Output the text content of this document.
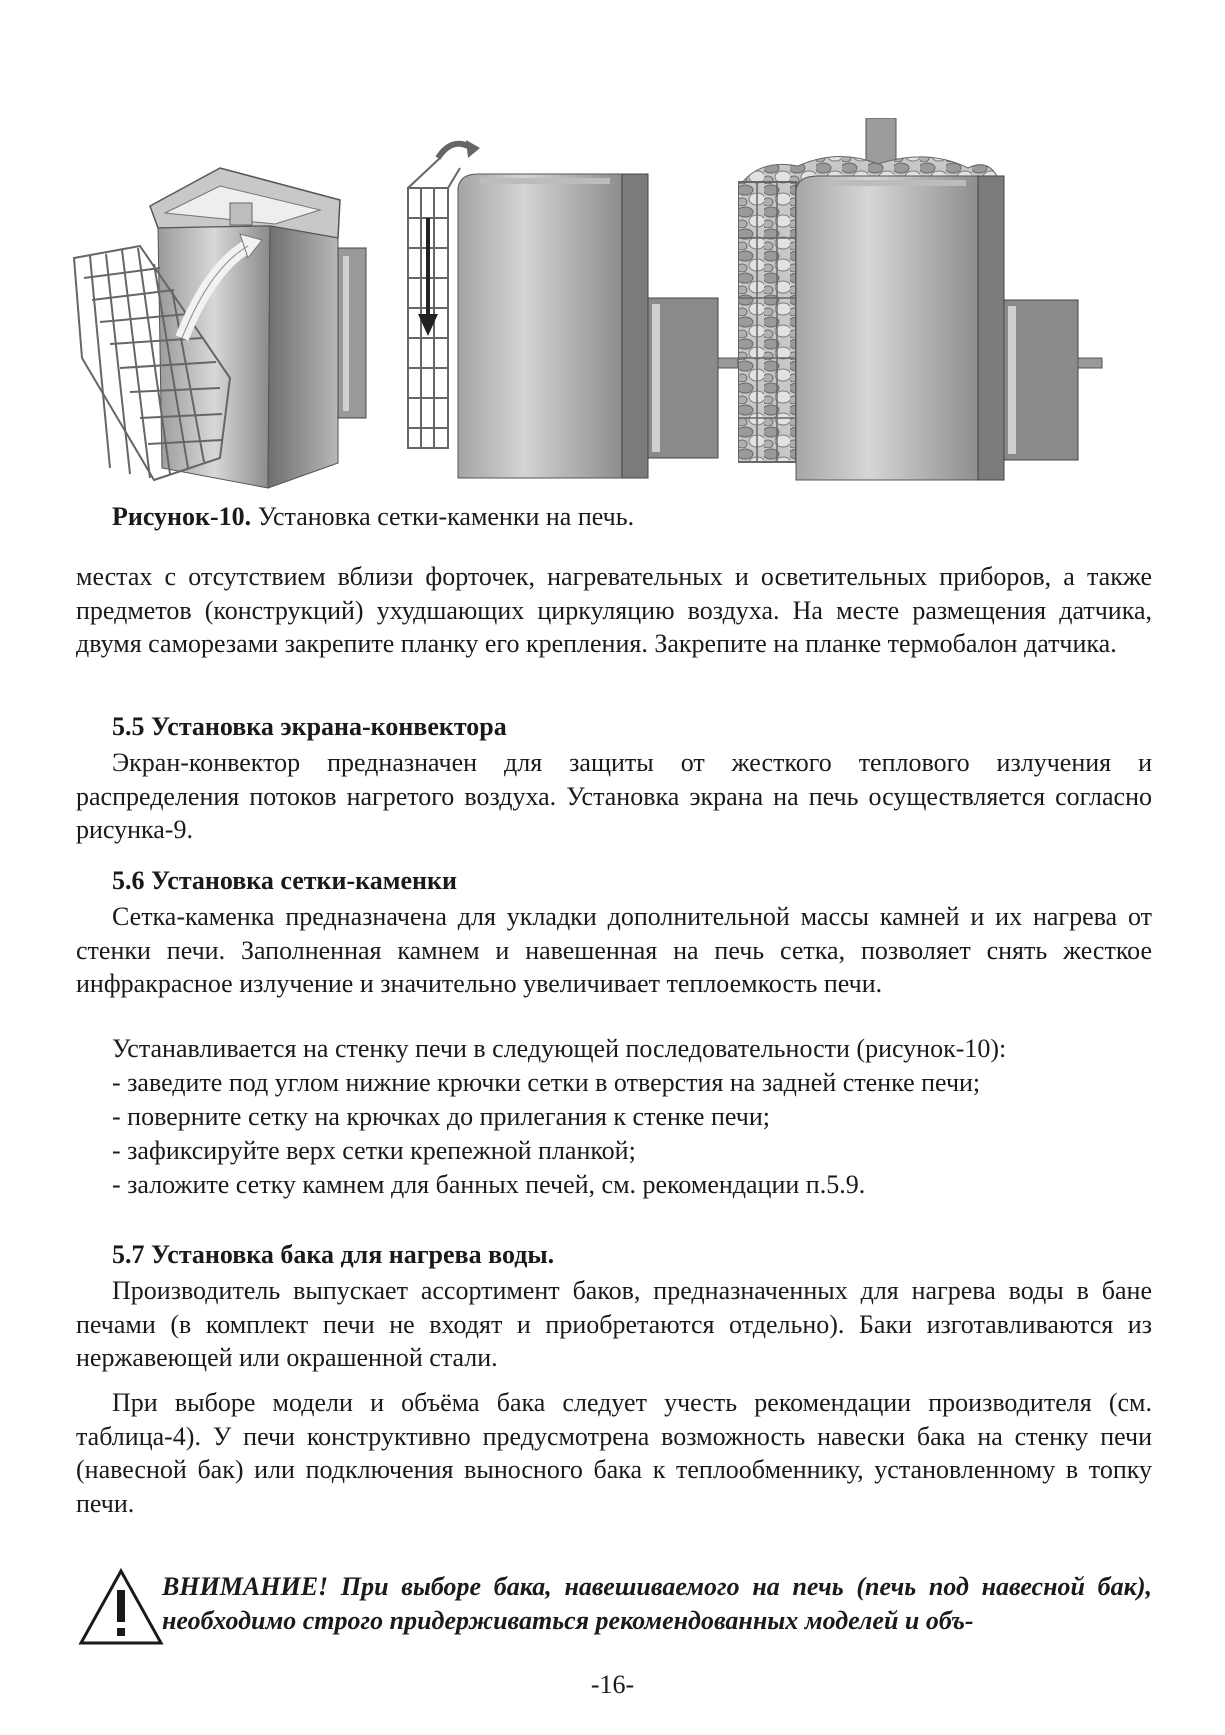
Рисунок-10. Установка сетки-каменки на печь.

местах с отсутствием вблизи форточек, нагревательных и осветительных приборов, а также предметов (конструкций) ухудшающих циркуляцию воздуха. На месте размещения датчика, двумя саморезами закрепите планку его крепления. Закрепите на планке термобалон датчика.

5.5 Установка экрана-конвектора

Экран-конвектор предназначен для защиты от жесткого теплового излучения и распределения потоков нагретого воздуха. Установка экрана на печь осуществляется согласно рисунка-9.

5.6 Установка сетки-каменки

Сетка-каменка предназначена для укладки дополнительной массы камней и их нагрева от стенки печи. Заполненная камнем и навешенная на печь сетка, позволяет снять жесткое инфракрасное излучение и значительно увеличивает теплоемкость печи.

Устанавливается на стенку печи в следующей последовательности (рисунок-10):

- заведите под углом нижние крючки сетки в отверстия на задней стенке печи;

- поверните сетку на крючках до прилегания к стенке печи;

- зафиксируйте верх сетки крепежной планкой;

- заложите сетку камнем для банных печей, см. рекомендации п.5.9.

5.7 Установка бака для нагрева воды.

Производитель выпускает ассортимент баков, предназначенных для нагрева воды в бане печами (в комплект печи не входят и приобретаются отдельно). Баки изготавливаются из нержавеющей или окрашенной стали.

При выборе модели и объёма бака следует учесть рекомендации производителя (см. таблица-4). У печи конструктивно предусмотрена возможность навески бака на стенку печи (навесной бак) или подключения выносного бака к теплообменнику, установленному в топку печи.

ВНИМАНИЕ! При выборе бака, навешиваемого на печь (печь под навесной бак), необходимо строго придерживаться рекомендованных моделей и объ-

-16-
